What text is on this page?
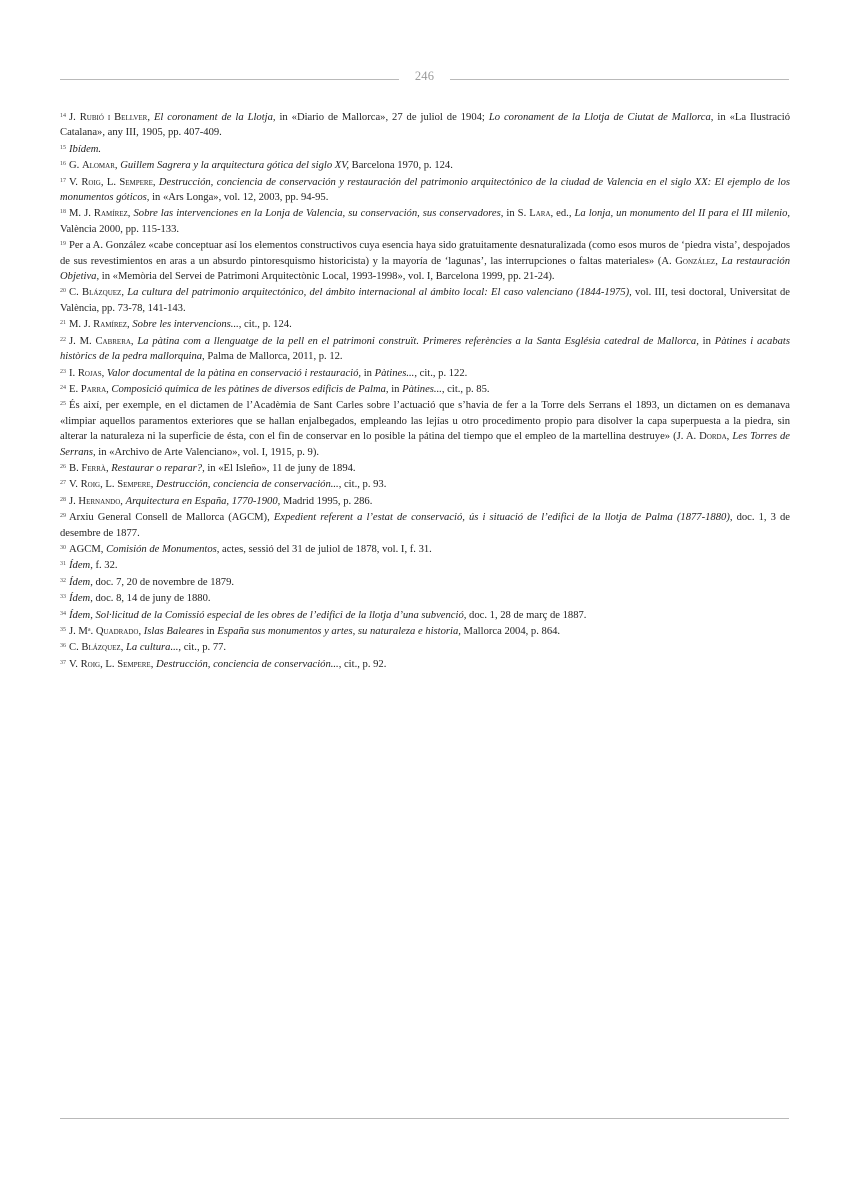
246

$^{14}$ J. Rubió i Bellver, El coronament de la Llotja, in «Diario de Mallorca», 27 de juliol de 1904; Lo coronament de la Llotja de Ciutat de Mallorca, in «La Ilustració Catalana», any III, 1905, pp. 407-409.

$^{15}$ Ibídem.

$^{16}$ G. Alomar, Guillem Sagrera y la arquitectura gótica del siglo XV, Barcelona 1970, p. 124.

$^{17}$ V. Roig, L. Sempere, Destrucción, conciencia de conservación y restauración del patrimonio arquitectónico de la ciudad de Valencia en el siglo XX: El ejemplo de los monumentos góticos, in «Ars Longa», vol. 12, 2003, pp. 94-95.

$^{18}$ M. J. Ramírez, Sobre las intervenciones en la Lonja de Valencia, su conservación, sus conservadores, in S. Lara, ed., La lonja, un monumento del II para el III milenio, València 2000, pp. 115-133.

$^{19}$ Per a A. González «cabe conceptuar así los elementos constructivos cuya esencia haya sido gratuitamente desnaturalizada (como esos muros de ‘piedra vista’, despojados de sus revestimientos en aras a un absurdo pintoresquismo historicista) y la mayoría de ‘lagunas’, las interrupciones o faltas materiales» (A. González, La restauración Objetiva, in «Memòria del Servei de Patrimoni Arquitectònic Local, 1993-1998», vol. I, Barcelona 1999, pp. 21-24).

$^{20}$ C. Blázquez, La cultura del patrimonio arquitectónico, del ámbito internacional al ámbito local: El caso valenciano (1844-1975), vol. III, tesi doctoral, Universitat de València, pp. 73-78, 141-143.

$^{21}$ M. J. Ramírez, Sobre les intervencions..., cit., p. 124.

$^{22}$ J. M. Cabrera, La pàtina com a llenguatge de la pell en el patrimoni construït. Primeres referències a la Santa Església catedral de Mallorca, in Pàtines i acabats històrics de la pedra mallorquina, Palma de Mallorca, 2011, p. 12.

$^{23}$ I. Rojas, Valor documental de la pàtina en conservació i restauració, in Pàtines..., cit., p. 122.

$^{24}$ E. Parra, Composició química de les pàtines de diversos edificis de Palma, in Pàtines..., cit., p. 85.

$^{25}$ És així, per exemple, en el dictamen de l’Acadèmia de Sant Carles sobre l’actuació que s’havia de fer a la Torre dels Serrans el 1893, un dictamen on es demanava «limpiar aquellos paramentos exteriores que se hallan enjalbegados, empleando las lejías u otro procedimento propio para disolver la capa superpuesta a la piedra, sin alterar la naturaleza ni la superficie de ésta, con el fin de conservar en lo posible la pátina del tiempo que el empleo de la martellina destruye» (J. A. Dorda, Les Torres de Serrans, in «Archivo de Arte Valenciano», vol. I, 1915, p. 9).

$^{26}$ B. Ferrà, Restaurar o reparar?, in «El Isleño», 11 de juny de 1894.

$^{27}$ V. Roig, L. Sempere, Destrucción, conciencia de conservación..., cit., p. 93.

$^{28}$ J. Hernando, Arquitectura en España, 1770-1900, Madrid 1995, p. 286.

$^{29}$ Arxiu General Consell de Mallorca (AGCM), Expedient referent a l’estat de conservació, ús i situació de l’edifici de la llotja de Palma (1877-1880), doc. 1, 3 de desembre de 1877.

$^{30}$ AGCM, Comisión de Monumentos, actes, sessió del 31 de juliol de 1878, vol. I, f. 31.

$^{31}$ Ídem, f. 32.

$^{32}$ Ídem, doc. 7, 20 de novembre de 1879.

$^{33}$ Ídem, doc. 8, 14 de juny de 1880.

$^{34}$ Ídem, Sol·licitud de la Comissió especial de les obres de l’edifici de la llotja d’una subvenció, doc. 1, 28 de març de 1887.

$^{35}$ J. $M^a$. Quadrado, Islas Baleares in España sus monumentos y artes, su naturaleza e historia, Mallorca 2004, p. 864.

$^{36}$ C. Blázquez, La cultura..., cit., p. 77.

$^{37}$ V. Roig, L. Sempere, Destrucción, conciencia de conservación..., cit., p. 92.
